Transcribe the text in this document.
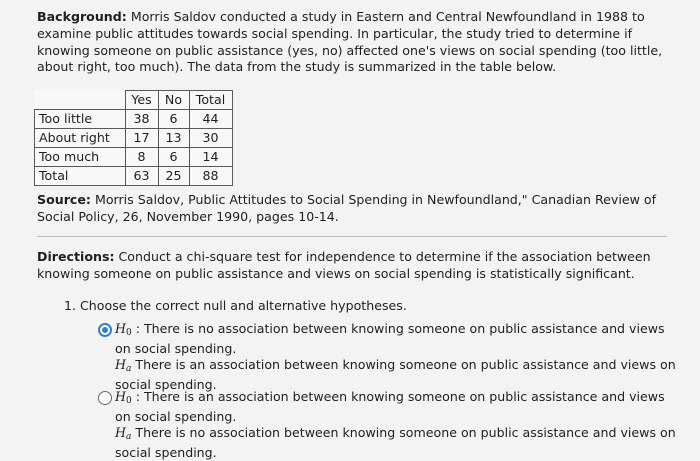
Background: Morris Saldov conducted a study in Eastern and Central Newfoundland in 1988 to examine public attitudes towards social spending. In particular, the study tried to determine if knowing someone on public assistance (yes, no) affected one's views on social spending (too little, about right, too much). The data from the study is summarized in the table below.
	Yes	No	Total
Too little	38	6	44
About right	17	13	30
Too much	8	6	14
Total	63	25	88
Source: Morris Saldov, Public Attitudes to Social Spending in Newfoundland," Canadian Review of Social Policy, 26, November 1990, pages 10-14.
Directions: Conduct a chi-square test for independence to determine if the association between knowing someone on public assistance and views on social spending is statistically significant.
1. Choose the correct null and alternative hypotheses.
$H_0$ : There is no association between knowing someone on public assistance and views on social spending.
Ha There is an association between knowing someone on public assistance and views on social spending.
$H_0$ : There is an association between knowing someone on public assistance and views on social spending.
Ha There is no association between knowing someone on public assistance and views on social spending.
